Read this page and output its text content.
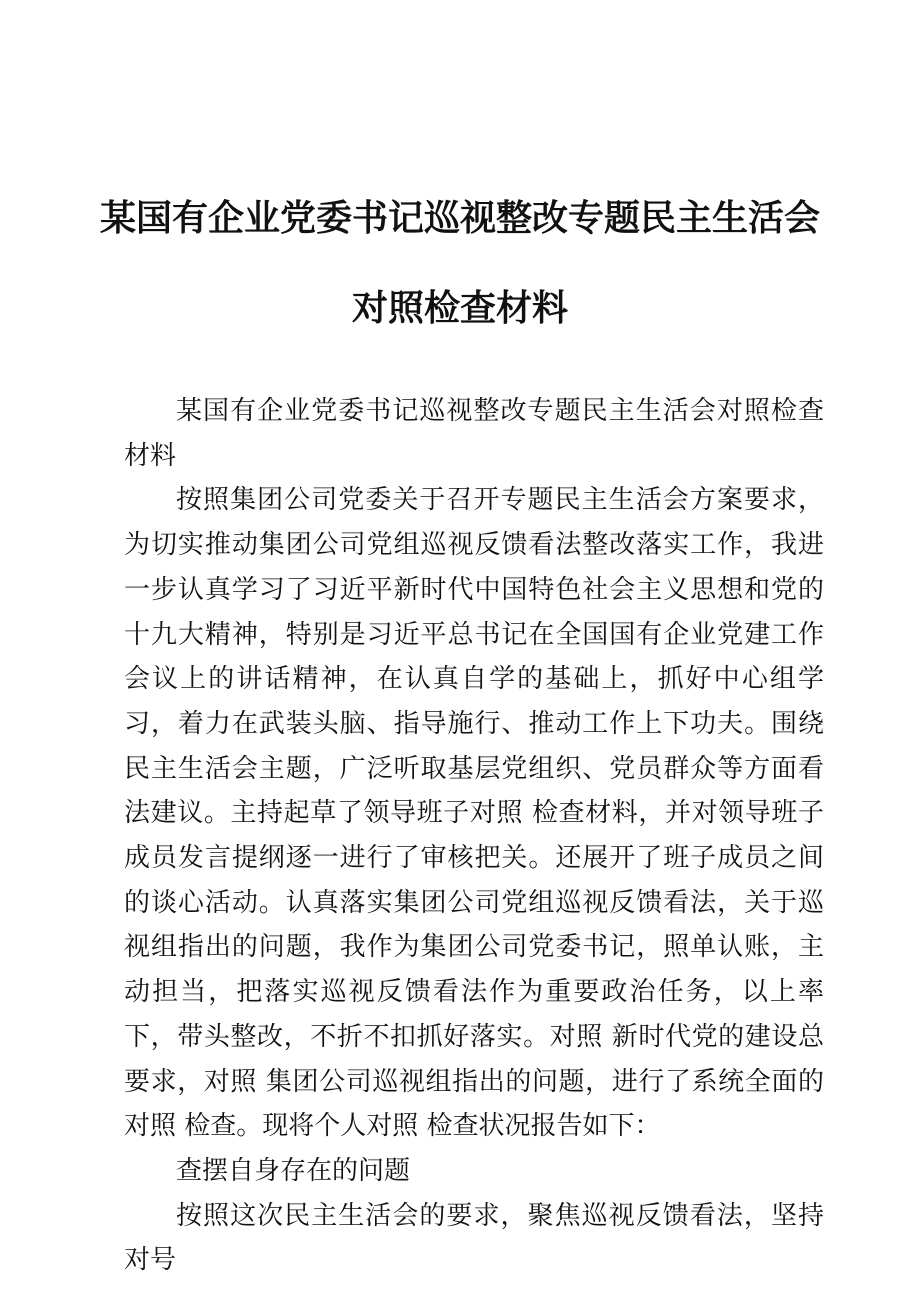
某国有企业党委书记巡视整改专题民主生活会
对照检查材料

某国有企业党委书记巡视整改专题民主生活会对照检查材料

按照集团公司党委关于召开专题民主生活会方案要求，为切实推动集团公司党组巡视反馈看法整改落实工作，我进一步认真学习了习近平新时代中国特色社会主义思想和党的十九大精神，特别是习近平总书记在全国国有企业党建工作会议上的讲话精神，在认真自学的基础上，抓好中心组学习，着力在武装头脑、指导施行、推动工作上下功夫。围绕民主生活会主题，广泛听取基层党组织、党员群众等方面看法建议。主持起草了领导班子对照 检查材料，并对领导班子成员发言提纲逐一进行了审核把关。还展开了班子成员之间的谈心活动。认真落实集团公司党组巡视反馈看法，关于巡视组指出的问题，我作为集团公司党委书记，照单认账，主动担当，把落实巡视反馈看法作为重要政治任务，以上率下，带头整改，不折不扣抓好落实。对照 新时代党的建设总要求，对照 集团公司巡视组指出的问题，进行了系统全面的对照 检查。现将个人对照 检查状况报告如下：

查摆自身存在的问题

按照这次民主生活会的要求，聚焦巡视反馈看法，坚持对号
